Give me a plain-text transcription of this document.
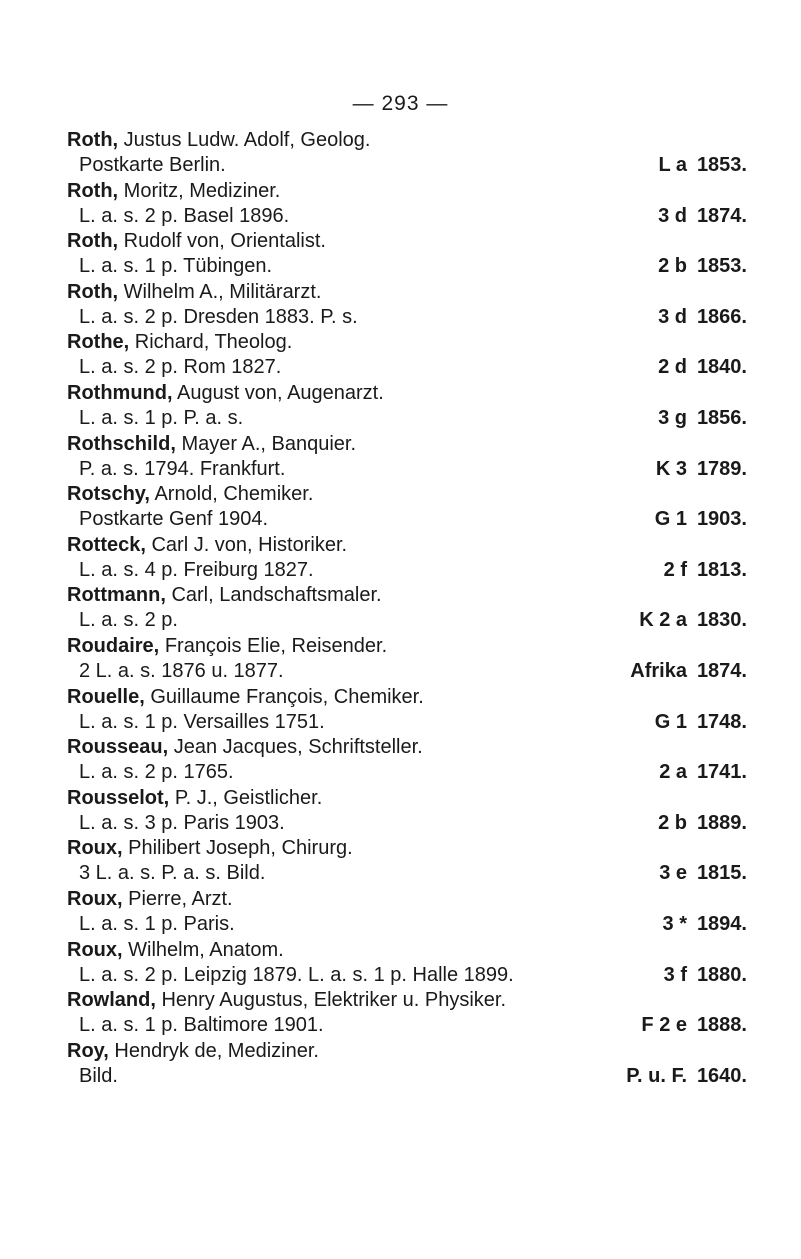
— 293 —
Roth, Justus Ludw. Adolf, Geolog.
Postkarte Berlin.	L a 1853.
Roth, Moritz, Mediziner.
L. a. s. 2 p. Basel 1896.	3 d 1874.
Roth, Rudolf von, Orientalist.
L. a. s. 1 p. Tübingen.	2 b 1853.
Roth, Wilhelm A., Militärarzt.
L. a. s. 2 p. Dresden 1883. P. s.	3 d 1866.
Rothe, Richard, Theolog.
L. a. s. 2 p. Rom 1827.	2 d 1840.
Rothmund, August von, Augenarzt.
L. a. s. 1 p. P. a. s.	3 g 1856.
Rothschild, Mayer A., Banquier.
P. a. s. 1794. Frankfurt.	K 3 1789.
Rotschy, Arnold, Chemiker.
Postkarte Genf 1904.	G 1 1903.
Rotteck, Carl J. von, Historiker.
L. a. s. 4 p. Freiburg 1827.	2 f 1813.
Rottmann, Carl, Landschaftsmaler.
L. a. s. 2 p.	K 2 a 1830.
Roudaire, François Elie, Reisender.
2 L. a. s. 1876 u. 1877.	Afrika 1874.
Rouelle, Guillaume François, Chemiker.
L. a. s. 1 p. Versailles 1751.	G 1 1748.
Rousseau, Jean Jacques, Schriftsteller.
L. a. s. 2 p. 1765.	2 a 1741.
Rousselot, P. J., Geistlicher.
L. a. s. 3 p. Paris 1903.	2 b 1889.
Roux, Philibert Joseph, Chirurg.
3 L. a. s. P. a. s. Bild.	3 e 1815.
Roux, Pierre, Arzt.
L. a. s. 1 p. Paris.	3 * 1894.
Roux, Wilhelm, Anatom.
L. a. s. 2 p. Leipzig 1879. L. a. s. 1 p. Halle 1899.	3 f 1880.
Rowland, Henry Augustus, Elektriker u. Physiker.
L. a. s. 1 p. Baltimore 1901.	F 2 e 1888.
Roy, Hendryk de, Mediziner.
Bild.	P. u. F. 1640.
